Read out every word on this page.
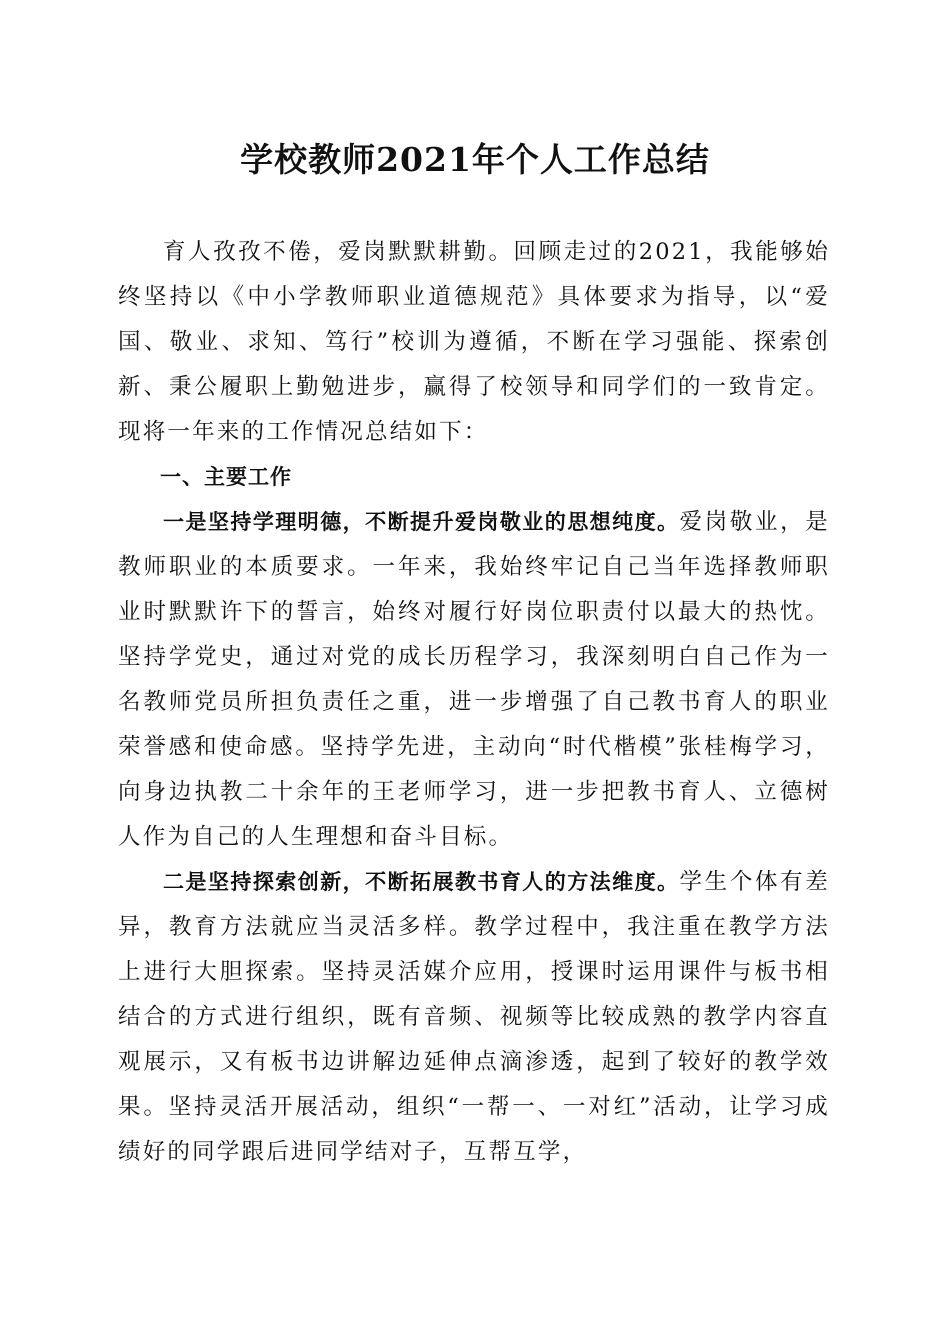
学校教师2021年个人工作总结

育人孜孜不倦，爱岗默默耕勤。回顾走过的2021，我能够始终坚持以《中小学教师职业道德规范》具体要求为指导，以“爱国、敬业、求知、笃行”校训为遵循，不断在学习强能、探索创新、秉公履职上勤勉进步，赢得了校领导和同学们的一致肯定。现将一年来的工作情况总结如下：

一、主要工作

一是坚持学理明德，不断提升爱岗敬业的思想纯度。爱岗敬业，是教师职业的本质要求。一年来，我始终牢记自己当年选择教师职业时默默许下的誓言，始终对履行好岗位职责付以最大的热忱。坚持学党史，通过对党的成长历程学习，我深刻明白自己作为一名教师党员所担负责任之重，进一步增强了自己教书育人的职业荣誉感和使命感。坚持学先进，主动向“时代楷模”张桂梅学习，向身边执教二十余年的王老师学习，进一步把教书育人、立德树人作为自己的人生理想和奋斗目标。

二是坚持探索创新，不断拓展教书育人的方法维度。学生个体有差异，教育方法就应当灵活多样。教学过程中，我注重在教学方法上进行大胆探索。坚持灵活媒介应用，授课时运用课件与板书相结合的方式进行组织，既有音频、视频等比较成熟的教学内容直观展示，又有板书边讲解边延伸点滴渗透，起到了较好的教学效果。坚持灵活开展活动，组织“一帮一、一对红”活动，让学习成绩好的同学跟后进同学结对子，互帮互学，
